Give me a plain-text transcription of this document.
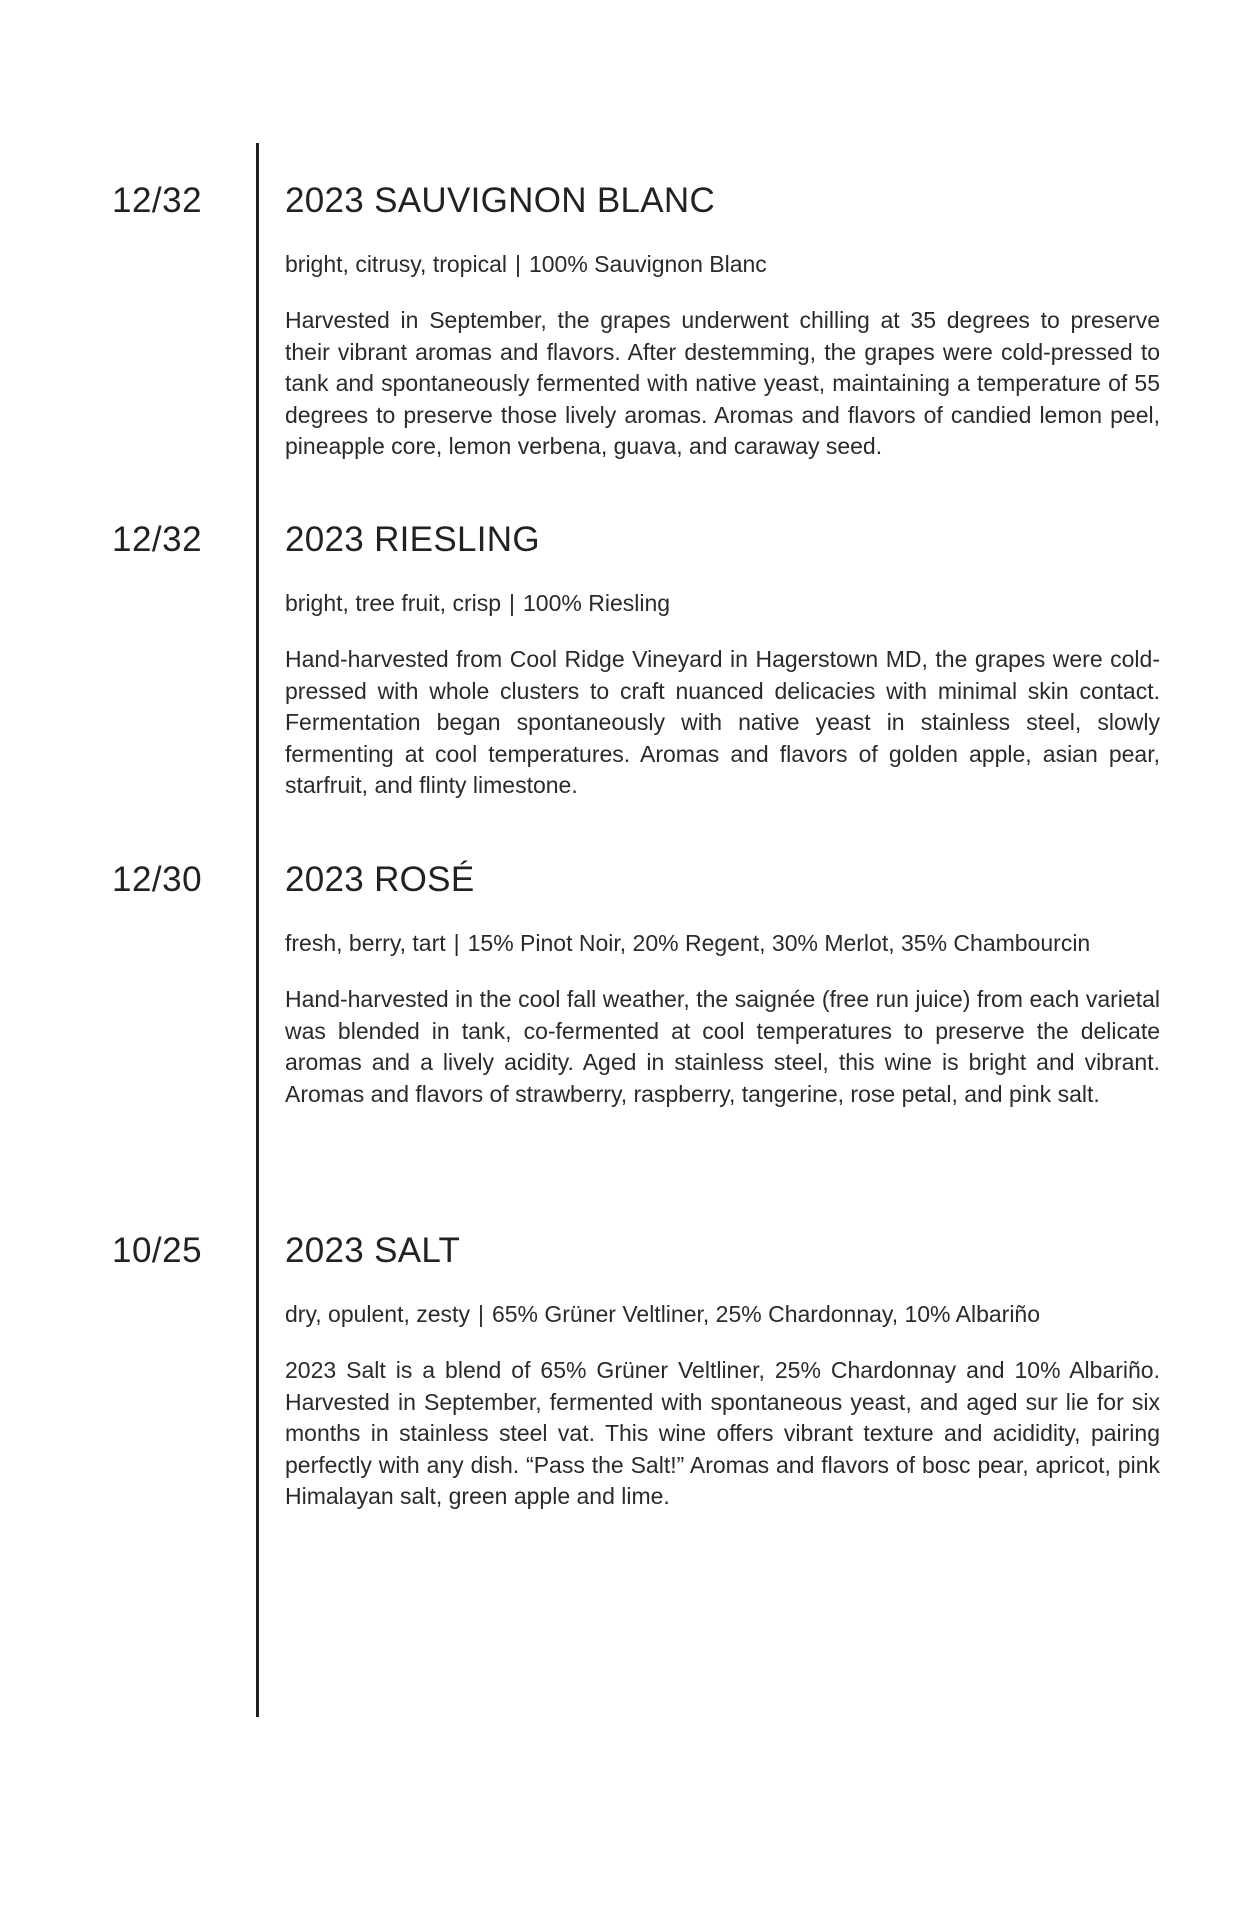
12/32 2023 SAUVIGNON BLANC
bright, citrusy, tropical | 100% Sauvignon Blanc
Harvested in September, the grapes underwent chilling at 35 degrees to preserve their vibrant aromas and flavors. After destemming, the grapes were cold-pressed to tank and spontaneously fermented with native yeast, maintaining a temperature of 55 degrees to preserve those lively aromas. Aromas and flavors of candied lemon peel, pineapple core, lemon verbena, guava, and caraway seed.
12/32 2023 RIESLING
bright, tree fruit, crisp | 100% Riesling
Hand-harvested from Cool Ridge Vineyard in Hagerstown MD, the grapes were cold-pressed with whole clusters to craft nuanced delicacies with minimal skin contact. Fermentation began spontaneously with native yeast in stainless steel, slowly fermenting at cool temperatures. Aromas and flavors of golden apple, asian pear, starfruit, and flinty limestone.
12/30 2023 ROSÉ
fresh, berry, tart | 15% Pinot Noir, 20% Regent, 30% Merlot, 35% Chambourcin
Hand-harvested in the cool fall weather, the saignée (free run juice) from each varietal was blended in tank, co-fermented at cool temperatures to preserve the delicate aromas and a lively acidity. Aged in stainless steel, this wine is bright and vibrant. Aromas and flavors of strawberry, raspberry, tangerine, rose petal, and pink salt.
10/25 2023 SALT
dry, opulent, zesty | 65% Grüner Veltliner, 25% Chardonnay, 10% Albariño
2023 Salt is a blend of 65% Grüner Veltliner, 25% Chardonnay and 10% Albariño. Harvested in September, fermented with spontaneous yeast, and aged sur lie for six months in stainless steel vat. This wine offers vibrant texture and acididity, pairing perfectly with any dish. “Pass the Salt!” Aromas and flavors of bosc pear, apricot, pink Himalayan salt, green apple and lime.
